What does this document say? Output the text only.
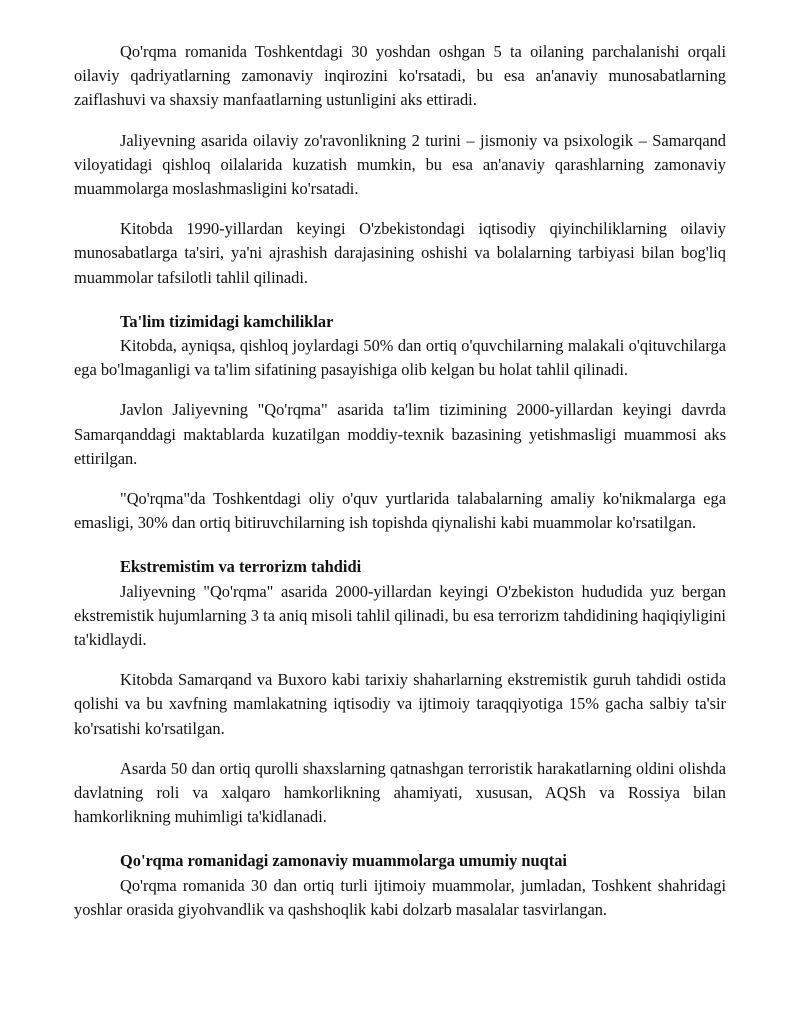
Qo'rqma romanida Toshkentdagi 30 yoshdan oshgan 5 ta oilaning parchalanishi orqali oilaviy qadriyatlarning zamonaviy inqirozini ko'rsatadi, bu esa an'anaviy munosabatlarning zaiflashuvi va shaxsiy manfaatlarning ustunligini aks ettiradi.

Jaliyevning asarida oilaviy zo'ravonlikning 2 turini – jismoniy va psixologik – Samarqand viloyatidagi qishloq oilalarida kuzatish mumkin, bu esa an'anaviy qarashlarning zamonaviy muammolarga moslashmasligini ko'rsatadi.

Kitobda 1990-yillardan keyingi O'zbekistondagi iqtisodiy qiyinchiliklarning oilaviy munosabatlarga ta'siri, ya'ni ajrashish darajasining oshishi va bolalarning tarbiyasi bilan bog'liq muammolar tafsilotli tahlil qilinadi.

Ta'lim tizimidagi kamchiliklar

Kitobda, ayniqsa, qishloq joylardagi 50% dan ortiq o'quvchilarning malakali o'qituvchilarga ega bo'lmaganligi va ta'lim sifatining pasayishiga olib kelgan bu holat tahlil qilinadi.

Javlon Jaliyevning "Qo'rqma" asarida ta'lim tizimining 2000-yillardan keyingi davrda Samarqanddagi maktablarda kuzatilgan moddiy-texnik bazasining yetishmasligi muammosi aks ettirilgan.

"Qo'rqma"da Toshkentdagi oliy o'quv yurtlarida talabalarning amaliy ko'nikmalarga ega emasligi, 30% dan ortiq bitiruvchilarning ish topishda qiynalishi kabi muammolar ko'rsatilgan.

Ekstremistim va terrorizm tahdidi

Jaliyevning "Qo'rqma" asarida 2000-yillardan keyingi O'zbekiston hududida yuz bergan ekstremistik hujumlarning 3 ta aniq misoli tahlil qilinadi, bu esa terrorizm tahdidining haqiqiyligini ta'kidlaydi.

Kitobda Samarqand va Buxoro kabi tarixiy shaharlarning ekstremistik guruh tahdidi ostida qolishi va bu xavfning mamlakatning iqtisodiy va ijtimoiy taraqqiyotiga 15% gacha salbiy ta'sir ko'rsatishi ko'rsatilgan.

Asarda 50 dan ortiq qurolli shaxslarning qatnashgan terroristik harakatlarning oldini olishda davlatning roli va xalqaro hamkorlikning ahamiyati, xususan, AQSh va Rossiya bilan hamkorlikning muhimligi ta'kidlanadi.

Qo'rqma romanidagi zamonaviy muammolarga umumiy nuqtai

Qo'rqma romanida 30 dan ortiq turli ijtimoiy muammolar, jumladan, Toshkent shahridagi yoshlar orasida giyohvandlik va qashshoqlik kabi dolzarb masalalar tasvirlangan.
